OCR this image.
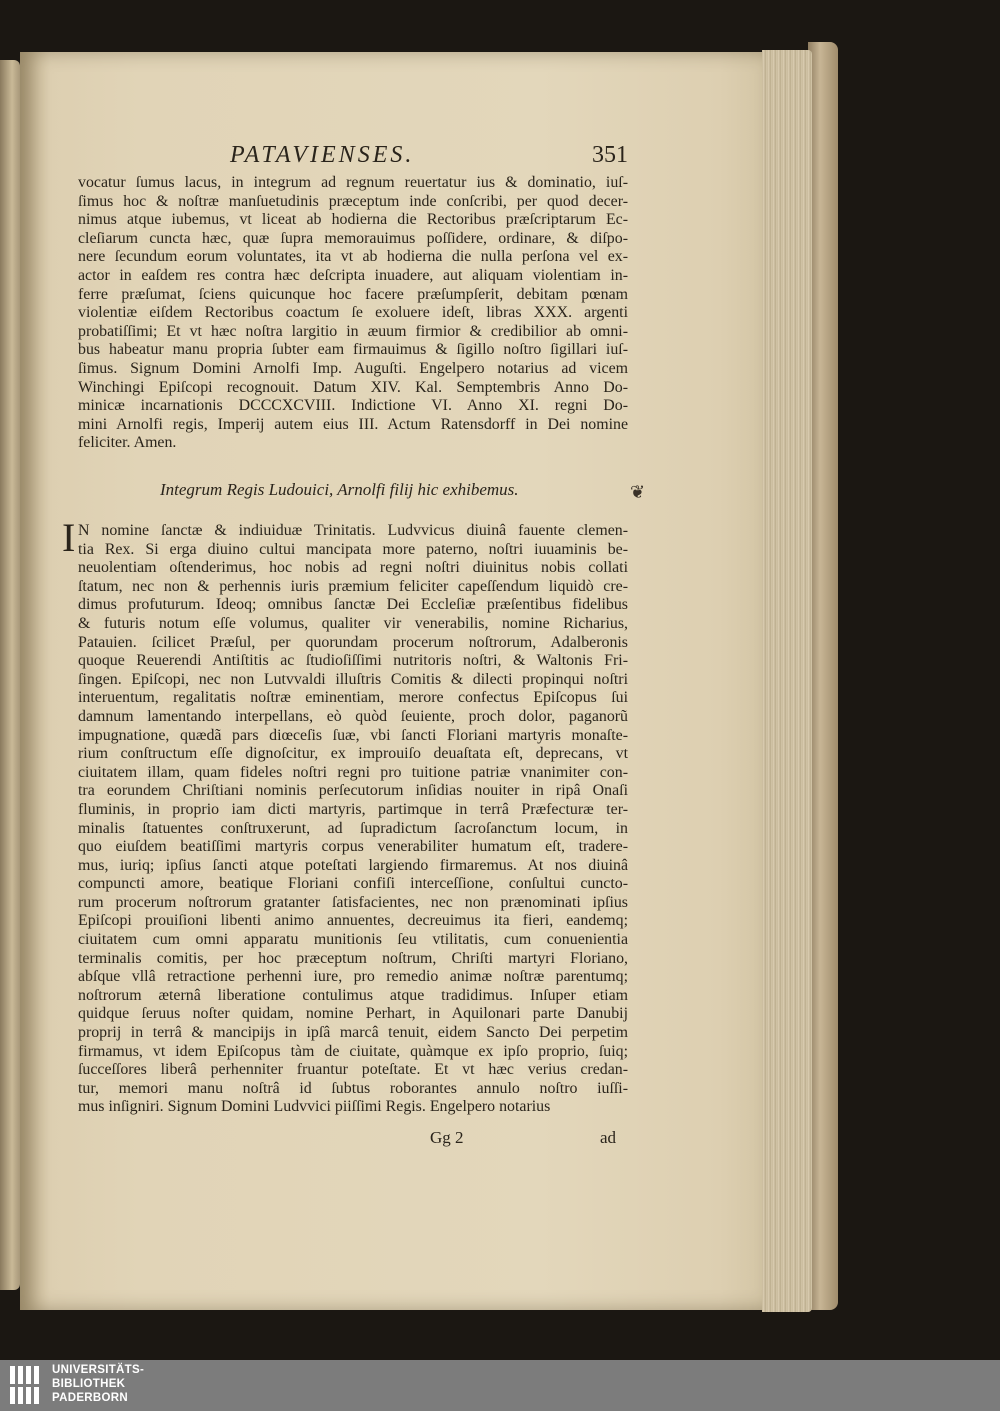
PATAVIENSES.	351
vocatur ſumus lacus, in integrum ad regnum reuertatur ius & dominatio, iuſ-
ſimus hoc & noſtræ manſuetudinis præceptum inde conſcribi, per quod decer-
nimus atque iubemus, vt liceat ab hodierna die Rectoribus præſcriptarum Ec-
cleſiarum cuncta hæc, quæ ſupra memorauimus poſſidere, ordinare, & diſpo-
nere ſecundum eorum voluntates, ita vt ab hodierna die nulla perſona vel ex-
actor in eaſdem res contra hæc deſcripta inuadere, aut aliquam violentiam in-
ferre præſumat, ſciens quicunque hoc facere præſumpſerit, debitam pœnam
violentiæ eiſdem Rectoribus coactum ſe exoluere ideſt, libras XXX. argenti
probatiſſimi; Et vt hæc noſtra largitio in æuum firmior & credibilior ab omni-
bus habeatur manu propria ſubter eam firmauimus & ſigillo noſtro ſigillari iuſ-
ſimus. Signum Domini Arnolfi Imp. Auguſti. Engelpero notarius ad vicem
Winchingi Epiſcopi recognouit. Datum XIV. Kal. Semptembris Anno Do-
minicæ incarnationis DCCCXCVIII. Indictione VI. Anno XI. regni Do-
mini Arnolfi regis, Imperij autem eius III. Actum Ratensdorff in Dei nomine
feliciter. Amen.
Integrum Regis Ludouici, Arnolfi filij hic exhibemus.	❦
I N nomine ſanctæ & indiuiduæ Trinitatis. Ludvvicus diuinâ fauente clemen-
tia Rex. Si erga diuino cultui mancipata more paterno, noſtri iuuaminis be-
neuolentiam oſtenderimus, hoc nobis ad regni noſtri diuinitus nobis collati
ſtatum, nec non & perhennis iuris præmium feliciter capeſſendum liquidò cre-
dimus profuturum. Ideoq; omnibus ſanctæ Dei Eccleſiæ præſentibus fidelibus
& futuris notum eſſe volumus, qualiter vir venerabilis, nomine Richarius,
Patauien. ſcilicet Præſul, per quorundam procerum noſtrorum, Adalberonis
quoque Reuerendi Antiſtitis ac ſtudioſiſſimi nutritoris noſtri, & Waltonis Fri-
ſingen. Epiſcopi, nec non Lutvvaldi illuſtris Comitis & dilecti propinqui noſtri
interuentum, regalitatis noſtræ eminentiam, merore confectus Epiſcopus ſui
damnum lamentando interpellans, eò quòd ſeuiente, proch dolor, paganorũ
impugnatione, quædã pars diœceſis ſuæ, vbi ſancti Floriani martyris monaſte-
rium conſtructum eſſe dignoſcitur, ex improuiſo deuaſtata eſt, deprecans, vt
ciuitatem illam, quam fideles noſtri regni pro tuitione patriæ vnanimiter con-
tra eorundem Chriſtiani nominis perſecutorum inſidias nouiter in ripâ Onaſi
fluminis, in proprio iam dicti martyris, partimque in terrâ Præfecturæ ter-
minalis ſtatuentes conſtruxerunt, ad ſupradictum ſacroſanctum locum, in
quo eiuſdem beatiſſimi martyris corpus venerabiliter humatum eſt, tradere-
mus, iuriq; ipſius ſancti atque poteſtati largiendo firmaremus. At nos diuinâ
compuncti amore, beatique Floriani confiſi interceſſione, conſultui cuncto-
rum procerum noſtrorum gratanter ſatisfacientes, nec non prænominati ipſius
Epiſcopi prouiſioni libenti animo annuentes, decreuimus ita fieri, eandemq;
ciuitatem cum omni apparatu munitionis ſeu vtilitatis, cum conuenientia
terminalis comitis, per hoc præceptum noſtrum, Chriſti martyri Floriano,
abſque vllâ retractione perhenni iure, pro remedio animæ noſtræ parentumq;
noſtrorum æternâ liberatione contulimus atque tradidimus. Inſuper etiam
quidque ſeruus noſter quidam, nomine Perhart, in Aquilonari parte Danubij
proprij in terrâ & mancipijs in ipſâ marcâ tenuit, eidem Sancto Dei perpetim
firmamus, vt idem Epiſcopus tàm de ciuitate, quàmque ex ipſo proprio, ſuiq;
ſucceſſores liberâ perhenniter fruantur poteſtate. Et vt hæc verius credan-
tur, memori manu noſtrâ id ſubtus roborantes annulo noſtro iuſſi-
mus inſigniri. Signum Domini Ludvvici piiſſimi Regis. Engelpero notarius
Gg 2	ad
UNIVERSITÄTS-
BIBLIOTHEK
PADERBORN
